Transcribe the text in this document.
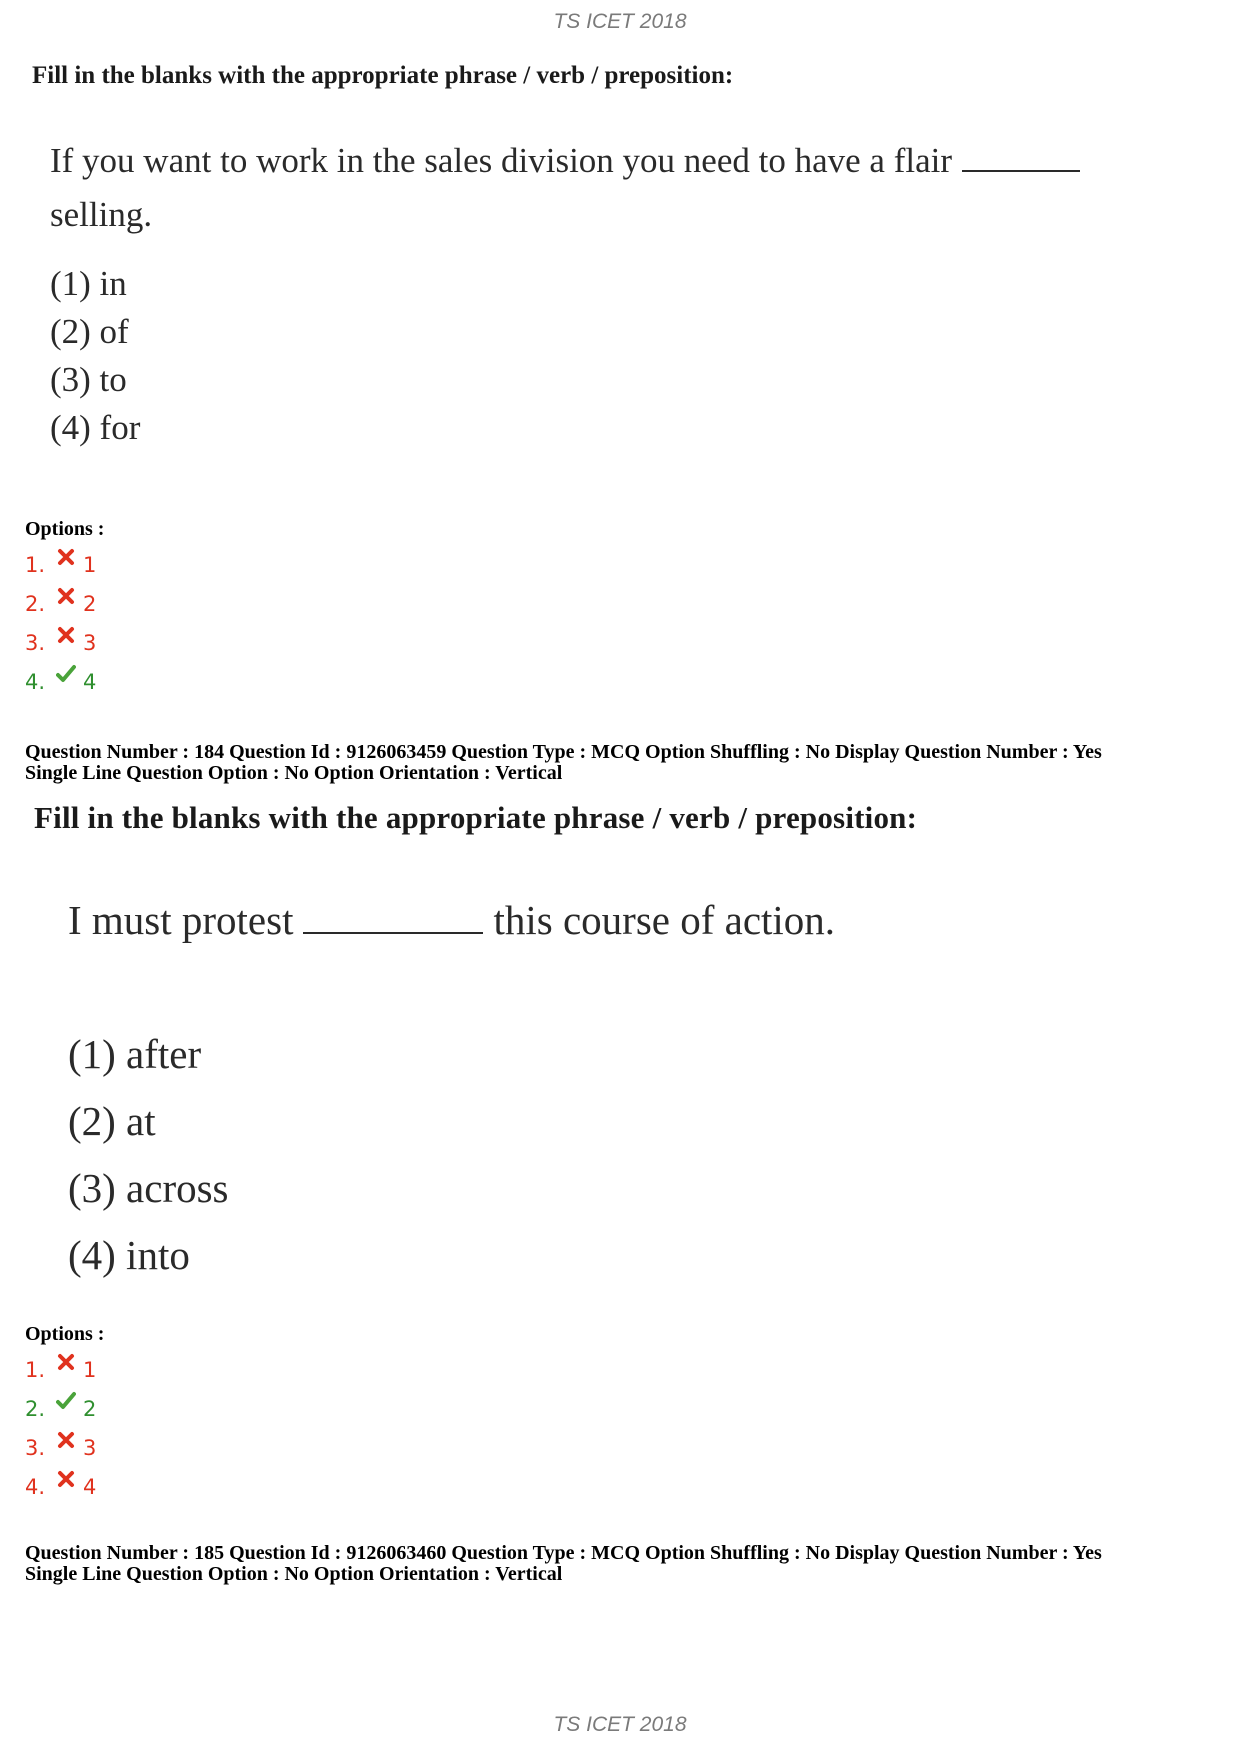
TS ICET 2018
Fill in the blanks with the appropriate phrase / verb / preposition:
If you want to work in the sales division you need to have a flair
selling.
(1) in
(2) of
(3) to
(4) for
Options :
1. 1
2. 2
3. 3
4. 4
Question Number : 184 Question Id : 9126063459 Question Type : MCQ Option Shuffling : No Display Question Number : Yes
Single Line Question Option : No Option Orientation : Vertical
Fill in the blanks with the appropriate phrase / verb / preposition:
I must protest	this course of action.
(1) after
(2) at
(3) across
(4) into
Options :
1. 1
2. 2
3. 3
4. 4
Question Number : 185 Question Id : 9126063460 Question Type : MCQ Option Shuffling : No Display Question Number : Yes
Single Line Question Option : No Option Orientation : Vertical
TS ICET 2018
